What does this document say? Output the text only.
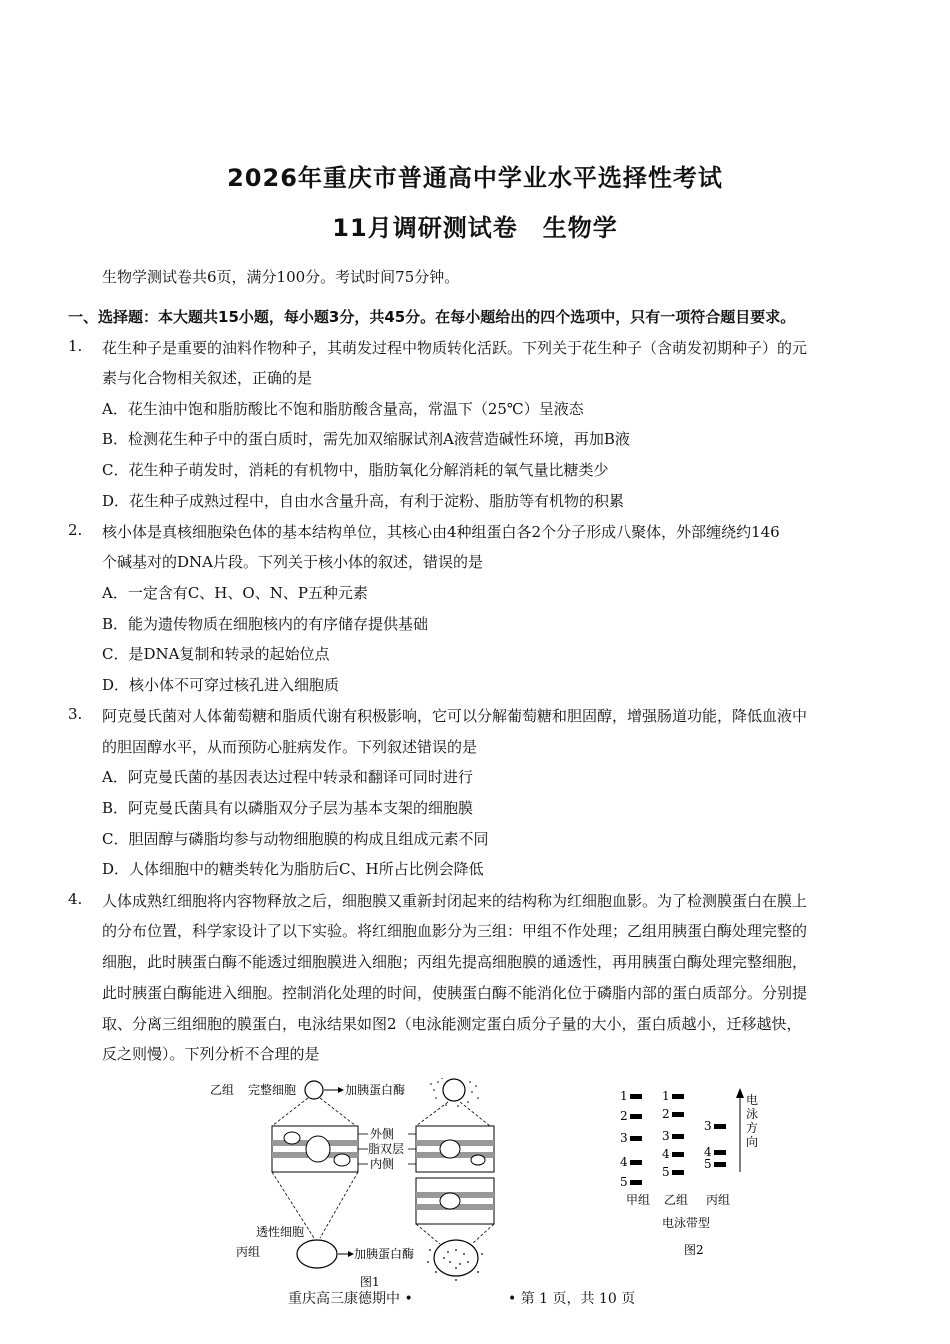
2026年重庆市普通高中学业水平选择性考试
11月调研测试卷　生物学
生物学测试卷共6页，满分100分。考试时间75分钟。
一、选择题：本大题共15小题，每小题3分，共45分。在每小题给出的四个选项中，只有一项符合题目要求。
1. 花生种子是重要的油料作物种子，其萌发过程中物质转化活跃。下列关于花生种子（含萌发初期种子）的元
素与化合物相关叙述，正确的是
A．花生油中饱和脂肪酸比不饱和脂肪酸含量高，常温下（25℃）呈液态
B．检测花生种子中的蛋白质时，需先加双缩脲试剂A液营造碱性环境，再加B液
C．花生种子萌发时，消耗的有机物中，脂肪氧化分解消耗的氧气量比糖类少
D．花生种子成熟过程中，自由水含量升高，有利于淀粉、脂肪等有机物的积累
2. 核小体是真核细胞染色体的基本结构单位，其核心由4种组蛋白各2个分子形成八聚体，外部缠绕约146
个碱基对的DNA片段。下列关于核小体的叙述，错误的是
A．一定含有C、H、O、N、P五种元素
B．能为遗传物质在细胞核内的有序储存提供基础
C．是DNA复制和转录的起始位点
D．核小体不可穿过核孔进入细胞质
3. 阿克曼氏菌对人体葡萄糖和脂质代谢有积极影响，它可以分解葡萄糖和胆固醇，增强肠道功能，降低血液中
的胆固醇水平，从而预防心脏病发作。下列叙述错误的是
A．阿克曼氏菌的基因表达过程中转录和翻译可同时进行
B．阿克曼氏菌具有以磷脂双分子层为基本支架的细胞膜
C．胆固醇与磷脂均参与动物细胞膜的构成且组成元素不同
D．人体细胞中的糖类转化为脂肪后C、H所占比例会降低
4. 人体成熟红细胞将内容物释放之后，细胞膜又重新封闭起来的结构称为红细胞血影。为了检测膜蛋白在膜上
的分布位置，科学家设计了以下实验。将红细胞血影分为三组：甲组不作处理；乙组用胰蛋白酶处理完整的
细胞，此时胰蛋白酶不能透过细胞膜进入细胞；丙组先提高细胞膜的通透性，再用胰蛋白酶处理完整细胞，
此时胰蛋白酶能进入细胞。控制消化处理的时间，使胰蛋白酶不能消化位于磷脂内部的蛋白质部分。分别提
取、分离三组细胞的膜蛋白，电泳结果如图2（电泳能测定蛋白质分子量的大小，蛋白质越小，迁移越快，
反之则慢）。下列分析不合理的是
乙组 完整细胞	加胰蛋白酶
外侧
脂双层
内侧
透性细胞
丙组	加胰蛋白酶
图1
1
2
3
4
5
1
2
3
4
5
3
4
5
电
泳
方
向
甲组 乙组 丙组
电泳带型
图2
重庆高三康德期中 •	• 第 1 页，共 10 页
